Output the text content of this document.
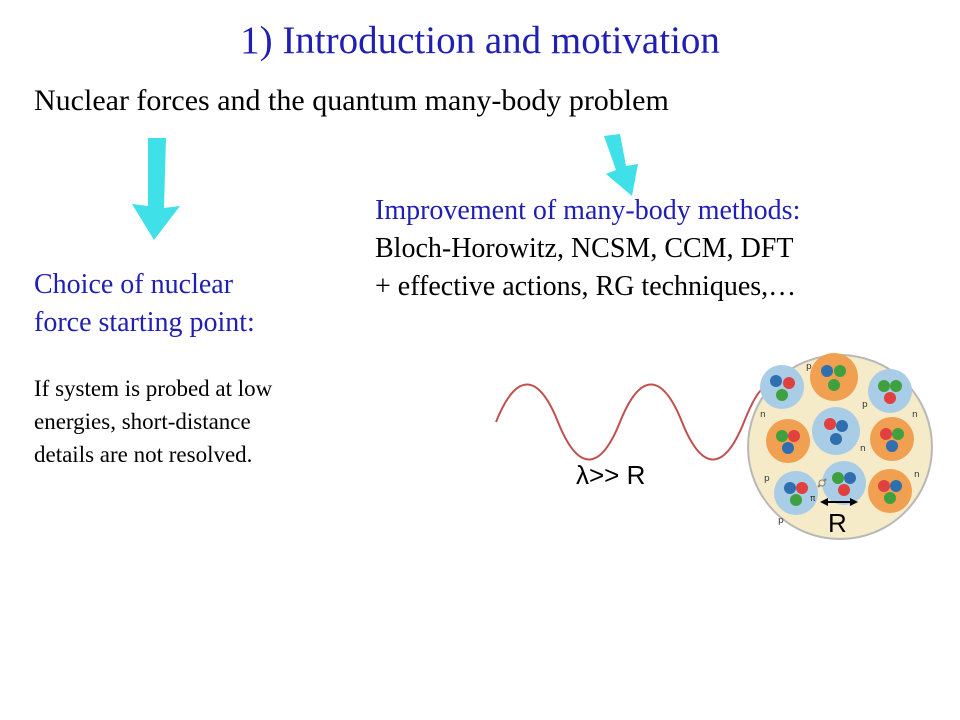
1) Introduction and motivation
Nuclear forces and the quantum many-body problem
Choice of nuclear
force starting point:
Improvement of many-body methods:
Bloch-Horowitz, NCSM, CCM, DFT
+ effective actions, RG techniques,…
If system is probed at low
energies, short-distance
details are not resolved.
λ>> R
p
n	n
p
n
p	n
p
π
R
